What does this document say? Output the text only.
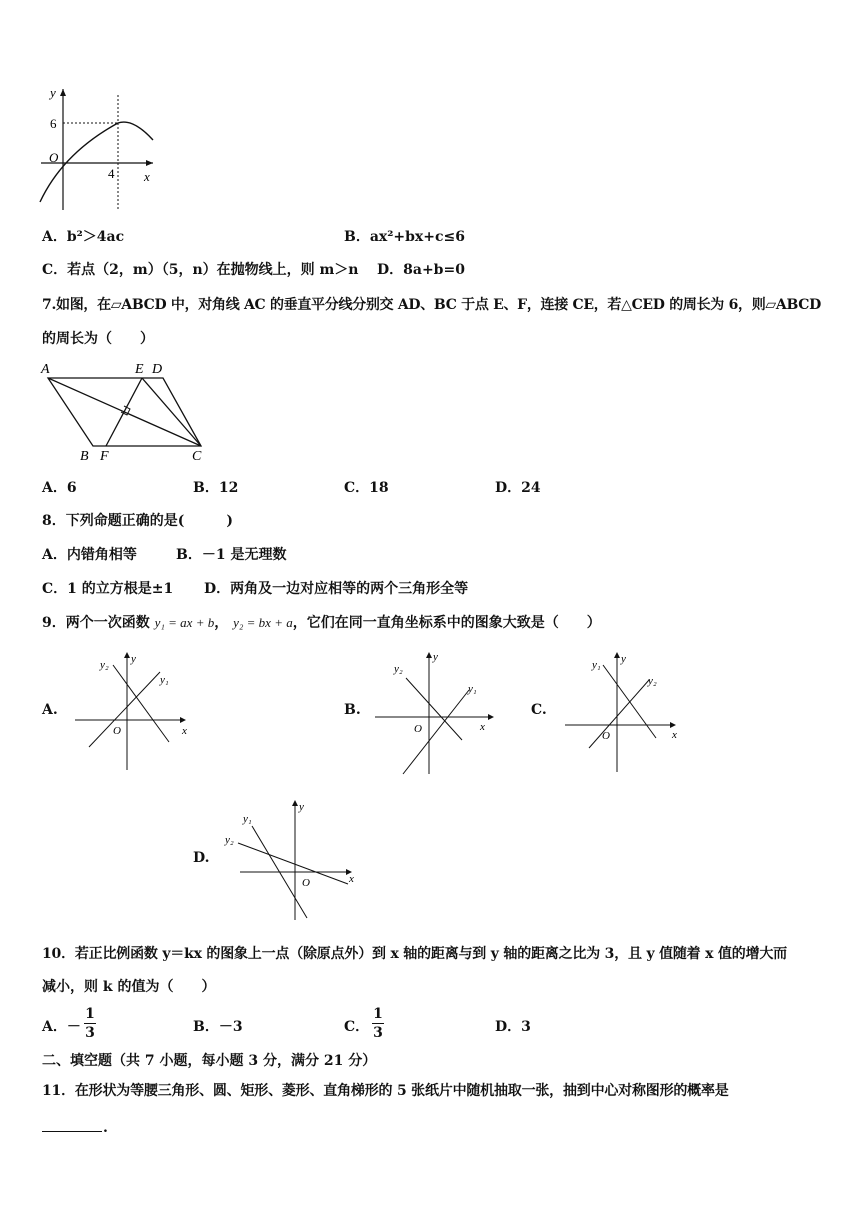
y
6
O
4 x
A．b²＞4ac	B．ax²+bx+c≤6
C．若点（2，m）（5，n）在抛物线上，则 m＞n D．8a+b=0
7.如图，在▱ABCD 中，对角线 AC 的垂直平分线分别交 AD、BC 于点 E、F，连接 CE，若△CED 的周长为 6，则▱ABCD
的周长为（　　）
A	E D
B F	C
A．6	B．12	C．18	D．24
8．下列命题正确的是(　　　)
A．内错角相等	B．－1 是无理数
C．1 的立方根是±1 D．两角及一边对应相等的两个三角形全等
9．两个一次函数 y₁ = ax + b， y₂ = bx + a，它们在同一直角坐标系中的图象大致是（　　）
A.
y₂ y
y₁
O	x
B.
y₂
y
y₁
O	x
C.
y₁ y
y₂
O	x
D.
y₁
y₂
y
O	x
10．若正比例函数 y＝kx 的图象上一点（除原点外）到 x 轴的距离与到 y 轴的距离之比为 3，且 y 值随着 x 值的增大而
减小，则 k 的值为（　　）
A．－
1
3	B．－3	C．
1
3	D．3
二、填空题（共 7 小题，每小题 3 分，满分 21 分）
11．在形状为等腰三角形、圆、矩形、菱形、直角梯形的 5 张纸片中随机抽取一张，抽到中心对称图形的概率是
.
